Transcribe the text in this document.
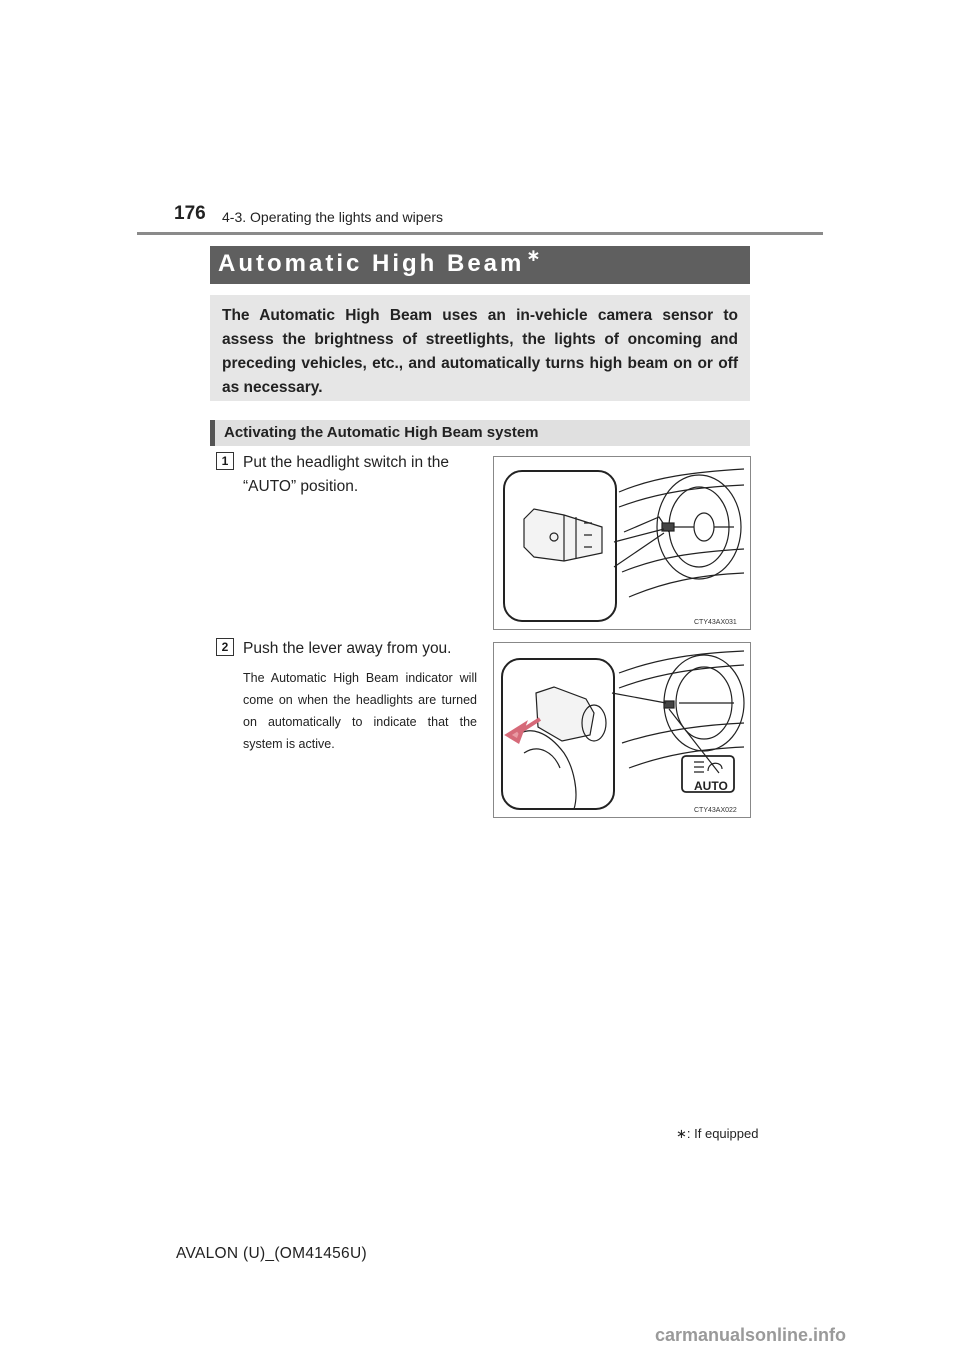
176 4-3. Operating the lights and wipers
Automatic High Beam ∗

The Automatic High Beam uses an in-vehicle camera sensor to assess the brightness of streetlights, the lights of oncoming and preceding vehicles, etc., and automatically turns high beam on or off as necessary.

Activating the Automatic High Beam system
1 Put the headlight switch in the “AUTO” position.
CTY43AX031
2 Push the lever away from you.
The Automatic High Beam indicator will come on when the headlights are turned on automatically to indicate that the system is active.
AUTO
CTY43AX022
∗: If equipped
AVALON (U)_(OM41456U)
carmanualsonline.info
